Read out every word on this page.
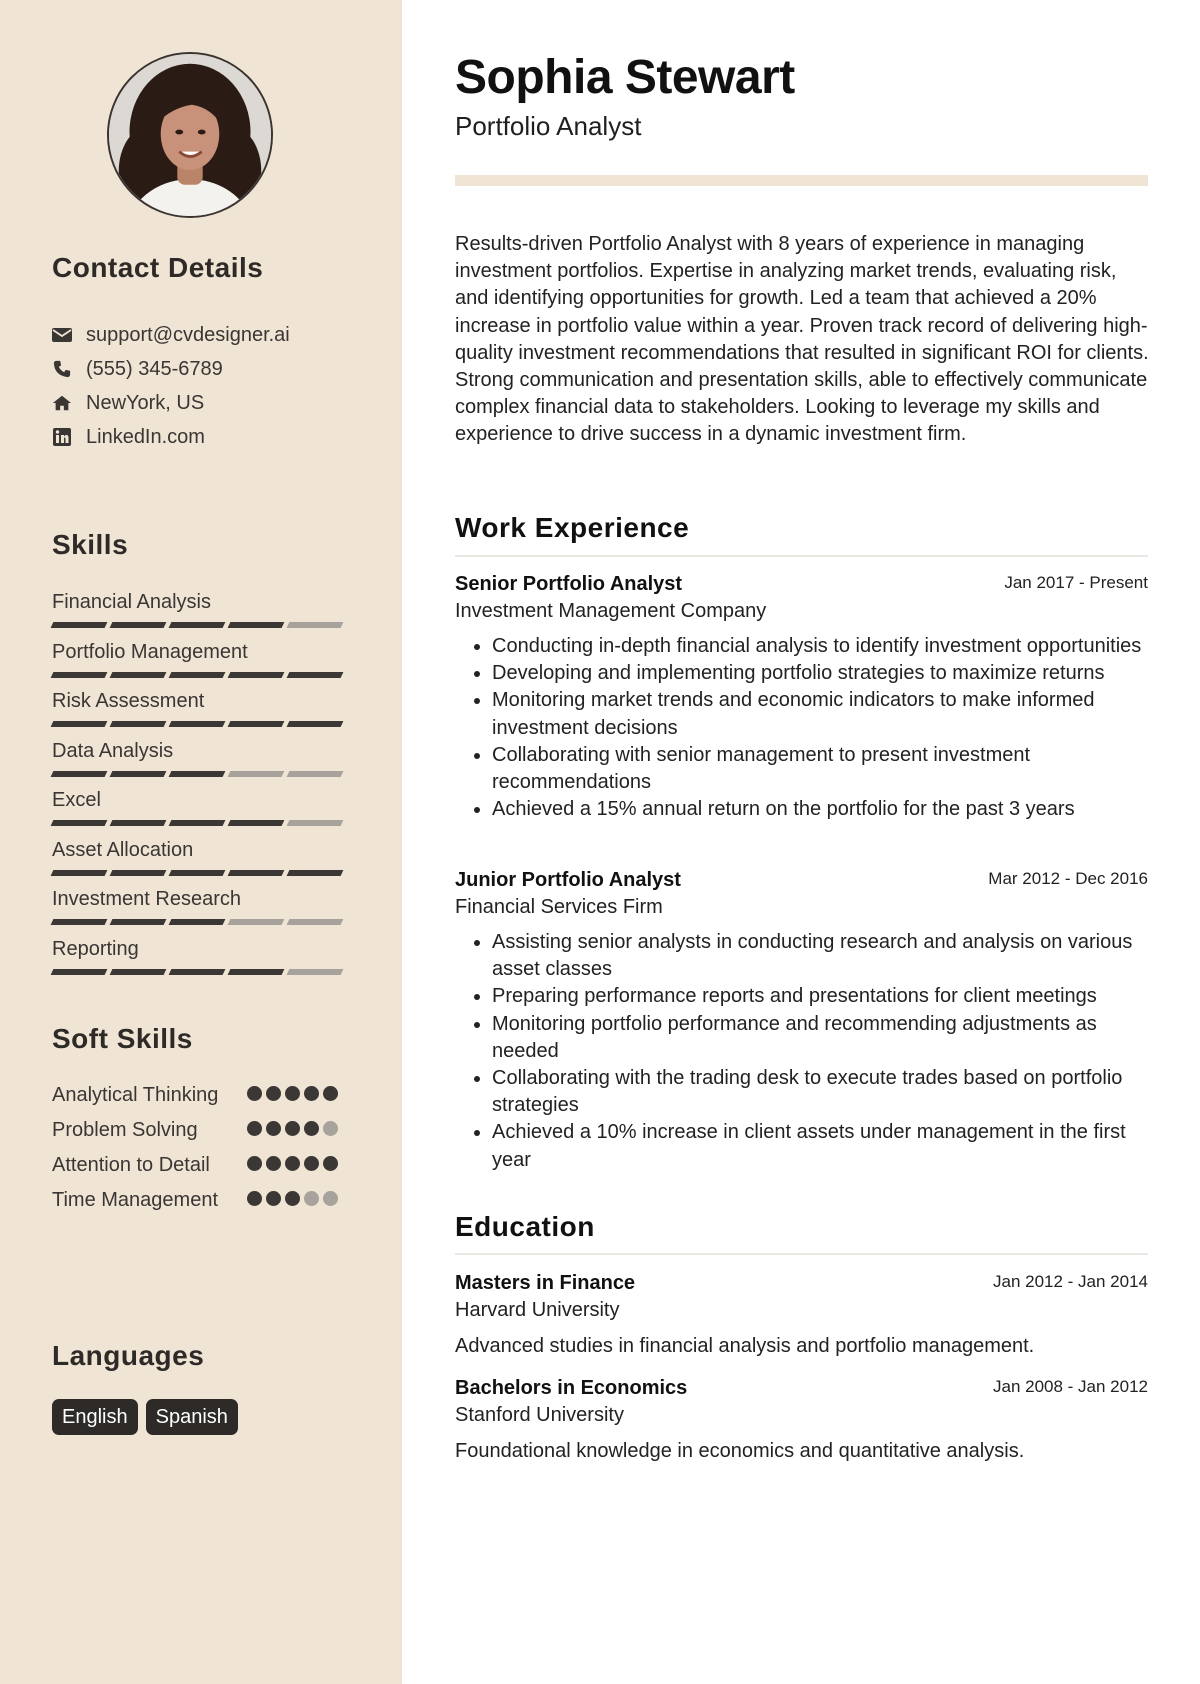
Contact Details
support@cvdesigner.ai
(555) 345-6789
NewYork, US
LinkedIn.com
Skills
Financial Analysis
Portfolio Management
Risk Assessment
Data Analysis
Excel
Asset Allocation
Investment Research
Reporting
Soft Skills
Analytical Thinking
Problem Solving
Attention to Detail
Time Management
Languages
English	Spanish
Sophia Stewart
Portfolio Analyst

Results-driven Portfolio Analyst with 8 years of experience in managing investment portfolios. Expertise in analyzing market trends, evaluating risk, and identifying opportunities for growth. Led a team that achieved a 20% increase in portfolio value within a year. Proven track record of delivering high-quality investment recommendations that resulted in significant ROI for clients. Strong communication and presentation skills, able to effectively communicate complex financial data to stakeholders. Looking to leverage my skills and experience to drive success in a dynamic investment firm.

Work Experience
Senior Portfolio Analyst	Jan 2017 - Present
Investment Management Company
• Conducting in-depth financial analysis to identify investment opportunities
• Developing and implementing portfolio strategies to maximize returns
• Monitoring market trends and economic indicators to make informed investment decisions
• Collaborating with senior management to present investment recommendations
• Achieved a 15% annual return on the portfolio for the past 3 years
Junior Portfolio Analyst	Mar 2012 - Dec 2016
Financial Services Firm
• Assisting senior analysts in conducting research and analysis on various asset classes
• Preparing performance reports and presentations for client meetings
• Monitoring portfolio performance and recommending adjustments as needed
• Collaborating with the trading desk to execute trades based on portfolio strategies
• Achieved a 10% increase in client assets under management in the first year
Education
Masters in Finance	Jan 2012 - Jan 2014
Harvard University
Advanced studies in financial analysis and portfolio management.
Bachelors in Economics	Jan 2008 - Jan 2012
Stanford University
Foundational knowledge in economics and quantitative analysis.
